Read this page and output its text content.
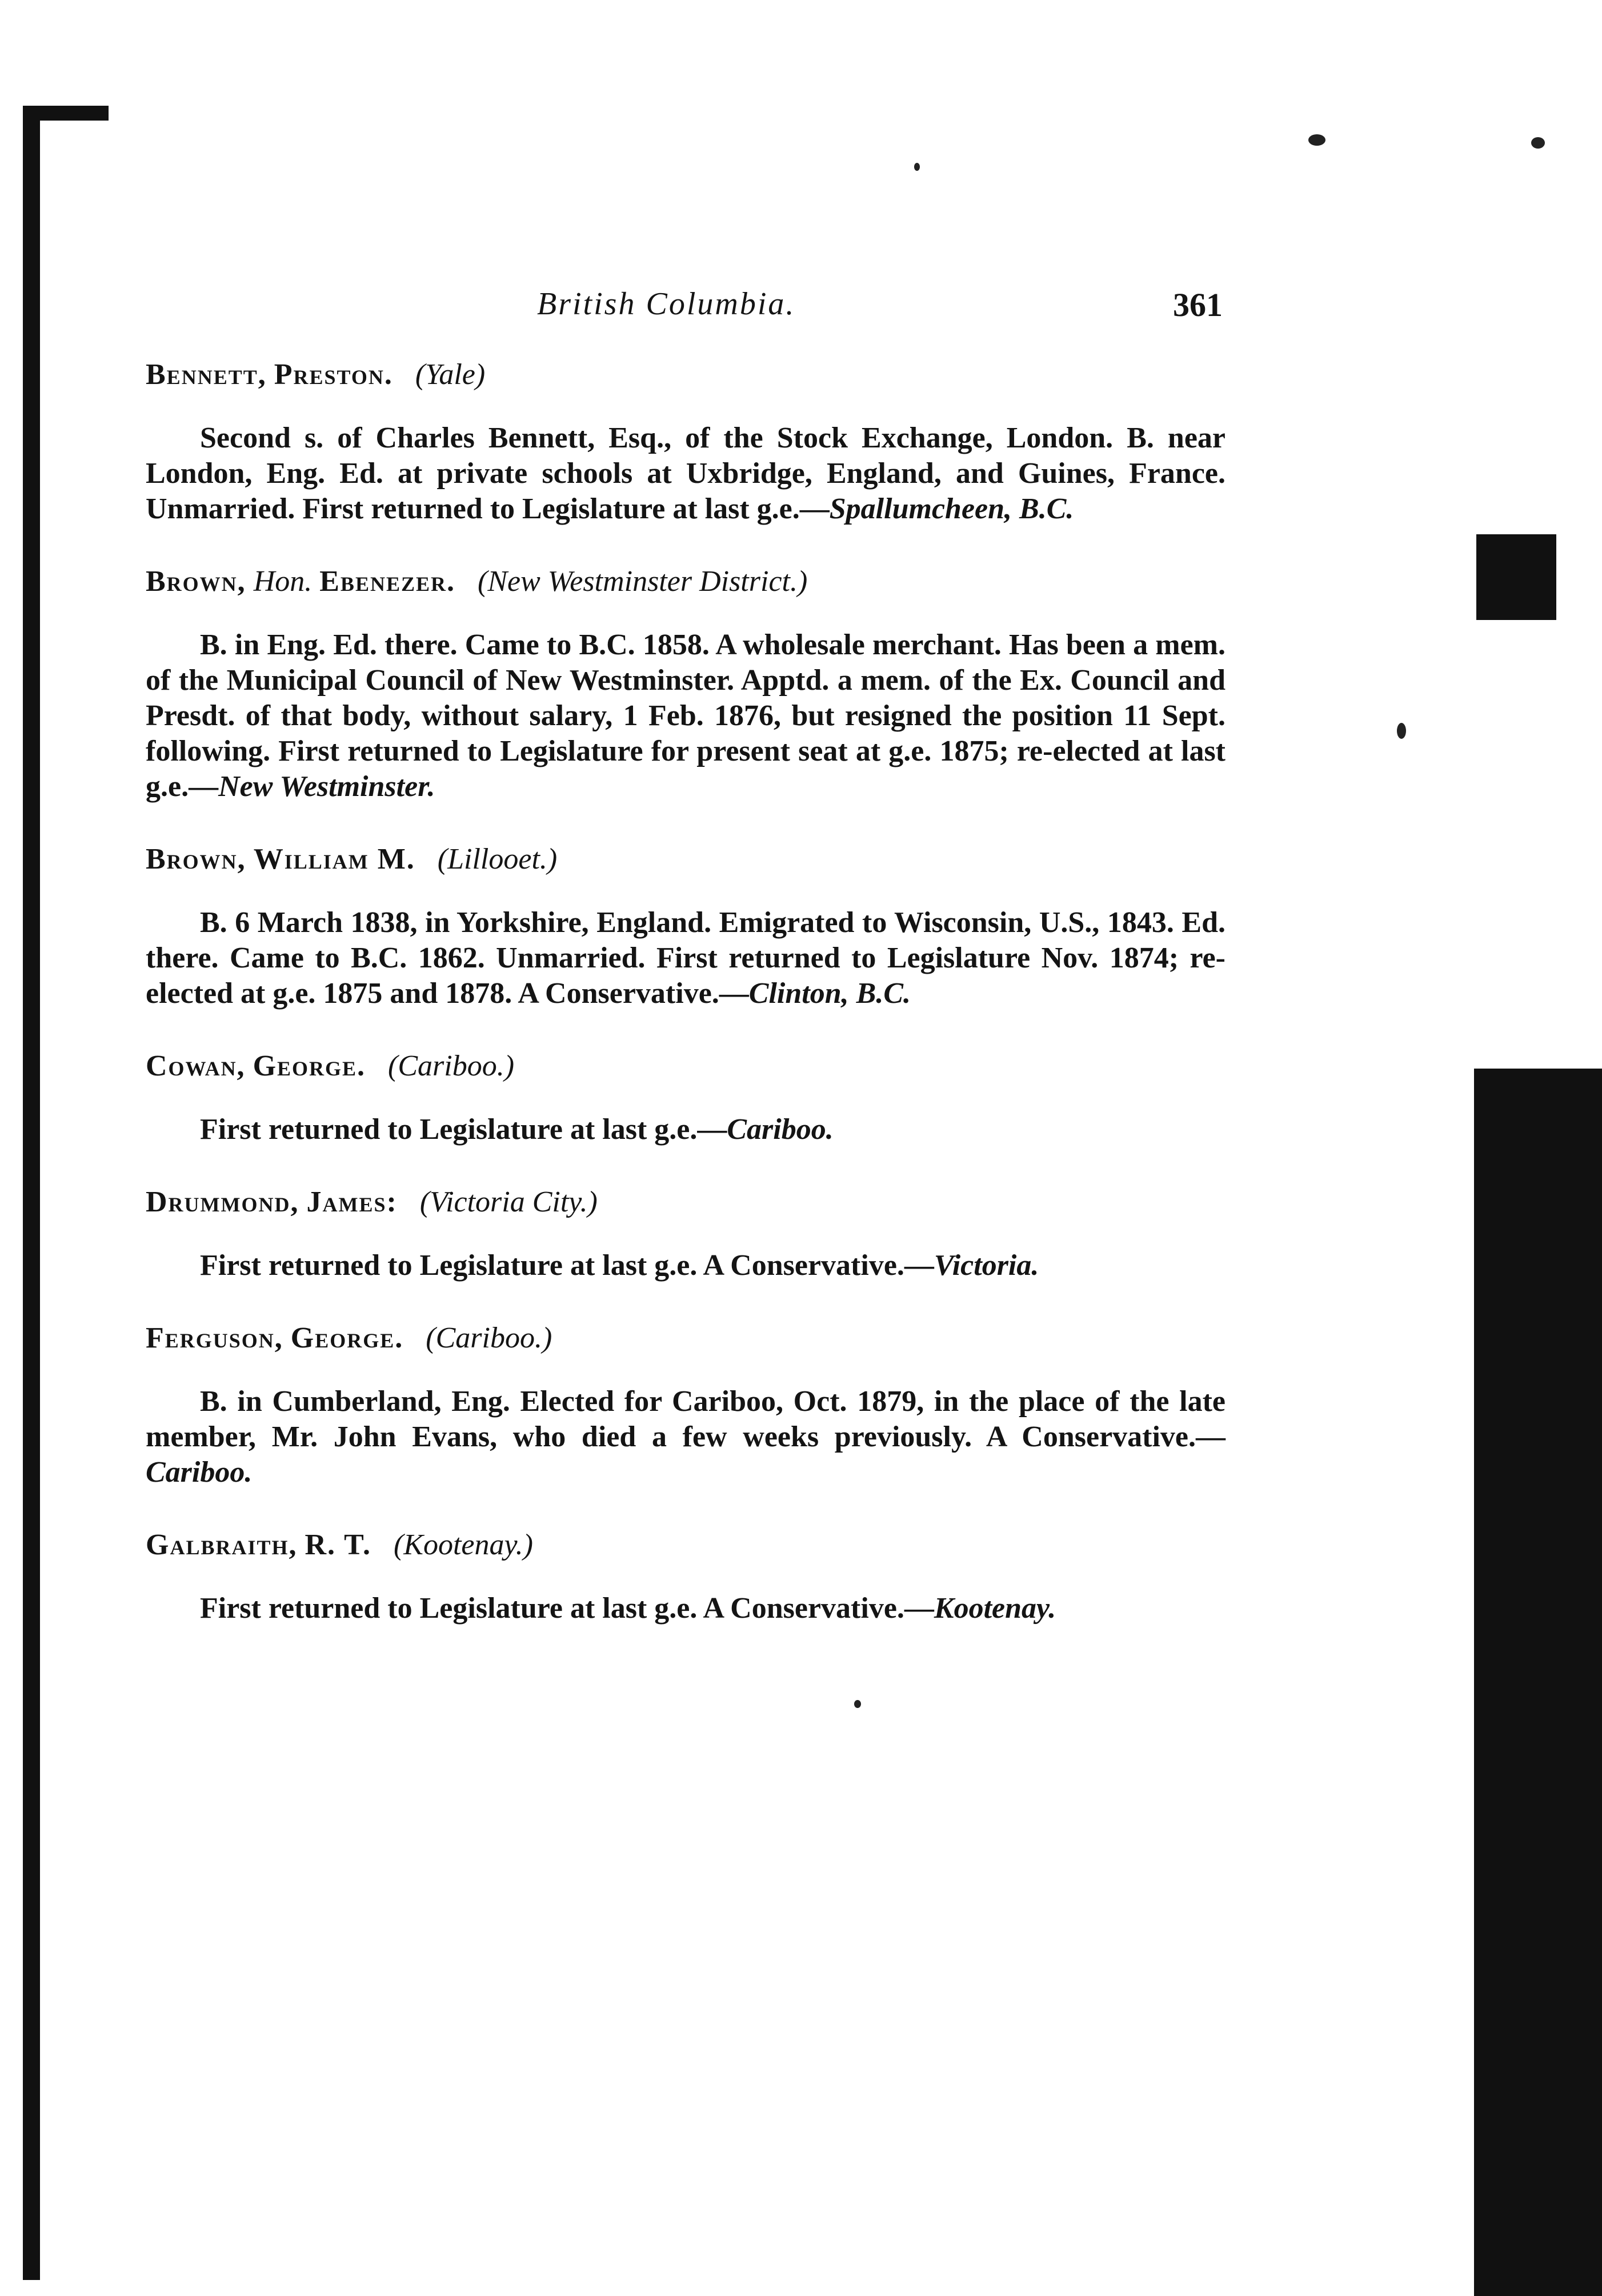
British Columbia.	361
Bennett, Preston. (Yale)
Second s. of Charles Bennett, Esq., of the Stock Exchange, London. B. near London, Eng. Ed. at private schools at Uxbridge, England, and Guines, France. Unmarried. First returned to Legislature at last g.e.—Spallumcheen, B.C.
Brown, Hon. Ebenezer. (New Westminster District.)
B. in Eng. Ed. there. Came to B.C. 1858. A wholesale merchant. Has been a mem. of the Municipal Council of New Westminster. Apptd. a mem. of the Ex. Council and Presdt. of that body, without salary, 1 Feb. 1876, but resigned the position 11 Sept. following. First returned to Legislature for present seat at g.e. 1875; re-elected at last g.e.—New Westminster.
Brown, William M. (Lillooet.)
B. 6 March 1838, in Yorkshire, England. Emigrated to Wisconsin, U.S., 1843. Ed. there. Came to B.C. 1862. Unmarried. First returned to Legislature Nov. 1874; re-elected at g.e. 1875 and 1878. A Conservative.—Clinton, B.C.
Cowan, George. (Cariboo.)
First returned to Legislature at last g.e.—Cariboo.
Drummond, James: (Victoria City.)
First returned to Legislature at last g.e. A Conservative.—Victoria.
Ferguson, George. (Cariboo.)
B. in Cumberland, Eng. Elected for Cariboo, Oct. 1879, in the place of the late member, Mr. John Evans, who died a few weeks previously. A Conservative.—Cariboo.
Galbraith, R. T. (Kootenay.)
First returned to Legislature at last g.e. A Conservative.—Kootenay.
